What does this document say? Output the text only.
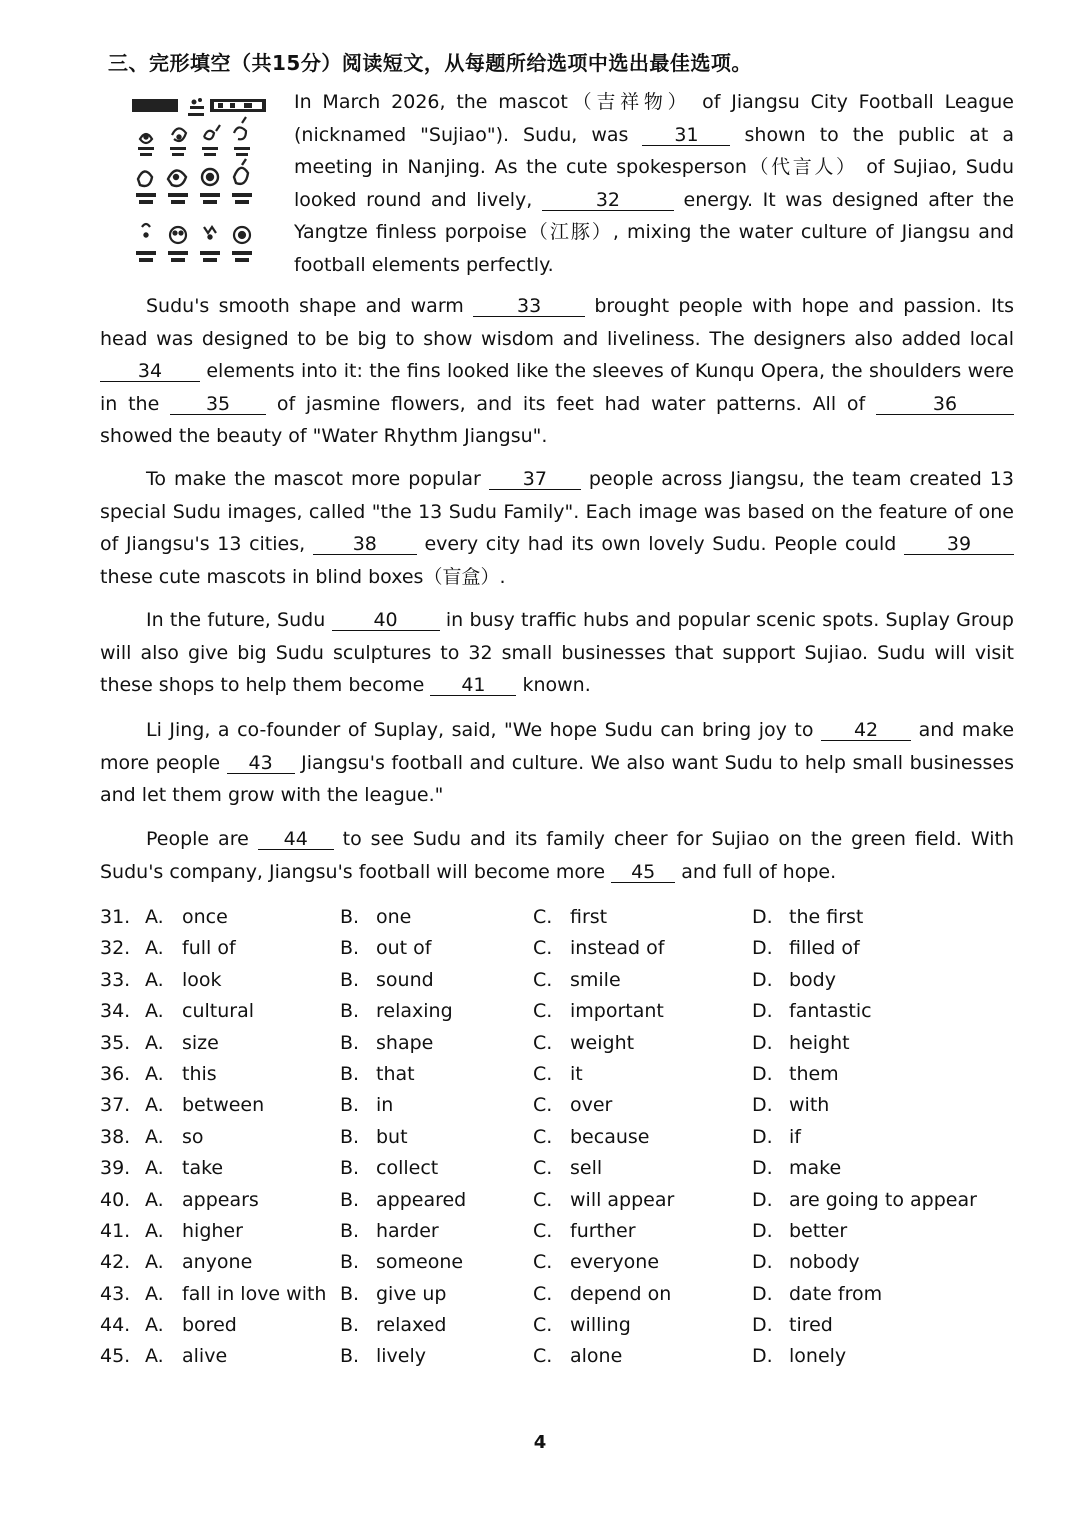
三、完形填空（共15分）阅读短文，从每题所给选项中选出最佳选项。
In March 2026, the mascot（吉祥物） of Jiangsu City Football League (nicknamed "Sujiao"). Sudu, was 31 shown to the public at a meeting in Nanjing. As the cute spokesperson（代言人） of Sujiao, Sudu looked round and lively,	32	energy. It was designed after the Yangtze finless porpoise（江豚）, mixing the water culture of Jiangsu and football elements perfectly.
Sudu's smooth shape and warm	33	brought people with hope and passion. Its head was designed to be big to show wisdom and liveliness. The designers also added local 34 elements into it: the fins looked like the sleeves of Kunqu Opera, the shoulders were in the 35 of jasmine flowers, and its feet had water patterns. All of	36 showed the beauty of "Water Rhythm Jiangsu".
To make the mascot more popular 37 people across Jiangsu, the team created 13 special Sudu images, called "the 13 Sudu Family". Each image was based on the feature of one of Jiangsu's 13 cities,	38	every city had its own lovely Sudu. People could	39 these cute mascots in blind boxes（盲盒）.
In the future, Sudu	40	in busy traffic hubs and popular scenic spots. Suplay Group will also give big Sudu sculptures to 32 small businesses that support Sujiao. Sudu will visit these shops to help them become 41 known.
Li Jing, a co-founder of Suplay, said, "We hope Sudu can bring joy to 42 and make more people 43 Jiangsu's football and culture. We also want Sudu to help small businesses and let them grow with the league."
People are 44 to see Sudu and its family cheer for Sujiao on the green field. With Sudu's company, Jiangsu's football will become more 45 and full of hope.
31. A. once	B. one	C. first	D. the first
32. A. full of	B. out of	C. instead of	D. filled of
33. A. look	B. sound	C. smile	D. body
34. A. cultural	B. relaxing	C. important	D. fantastic
35. A. size	B. shape	C. weight	D. height
36. A. this	B. that	C. it	D. them
37. A. between	B. in	C. over	D. with
38. A. so	B. but	C. because	D. if
39. A. take	B. collect	C. sell	D. make
40. A. appears	B. appeared	C. will appear	D. are going to appear
41. A. higher	B. harder	C. further	D. better
42. A. anyone	B. someone	C. everyone	D. nobody
43. A. fall in love with B. give up	C. depend on	D. date from
44. A. bored	B. relaxed	C. willing	D. tired
45. A. alive	B. lively	C. alone	D. lonely
4
